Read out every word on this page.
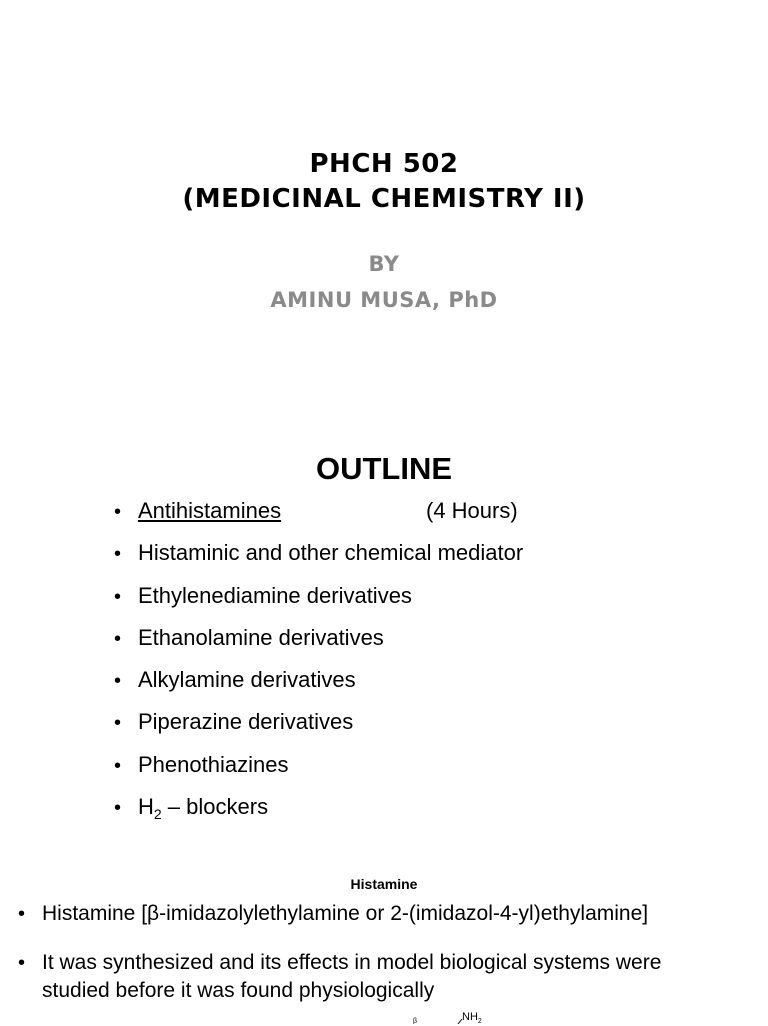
PHCH 502
(MEDICINAL CHEMISTRY II)
BY
AMINU MUSA, PhD
OUTLINE
• Antihistamines	(4 Hours)
• Histaminic and other chemical mediator
• Ethylenediamine derivatives
• Ethanolamine derivatives
• Alkylamine derivatives
• Piperazine derivatives
• Phenothiazines
• $H_2$ – blockers
Histamine
• Histamine [β-imidazolylethylamine or 2-(imidazol-4-yl)ethylamine]
• It was synthesized and its effects in model biological systems were studied before it was found physiologically
β	$NH_2$
